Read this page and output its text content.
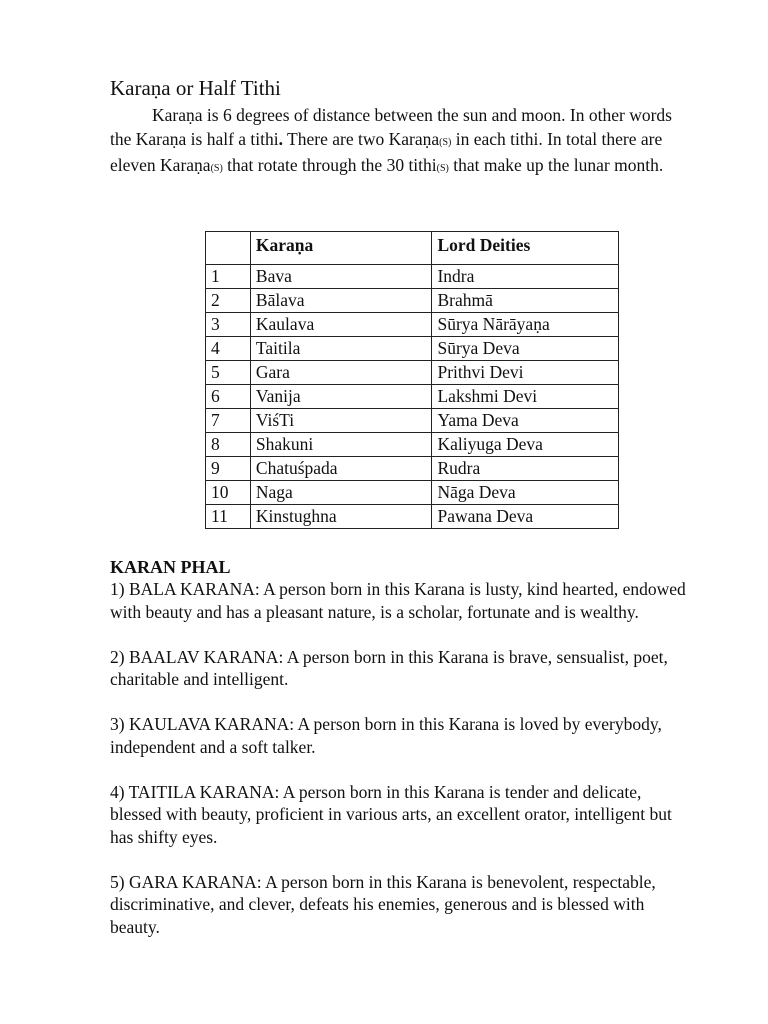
Karaṇa or Half Tithi

Karaṇa is 6 degrees of distance between the sun and moon. In other words the Karaṇa is half a tithi. There are two Karaṇa(S) in each tithi. In total there are eleven Karaṇa(S) that rotate through the 30 tithi(S) that make up the lunar month.

	Karaṇa	Lord Deities
1	Bava	Indra
2	Bālava	Brahmā
3	Kaulava	Sūrya Nārāyaṇa
4	Taitila	Sūrya Deva
5	Gara	Prithvi Devi
6	Vanija	Lakshmi Devi
7	ViśTi	Yama Deva
8	Shakuni	Kaliyuga Deva
9	Chatuśpada	Rudra
10	Naga	Nāga Deva
11	Kinstughna	Pawana Deva
KARAN PHAL

1) BALA KARANA: A person born in this Karana is lusty, kind hearted, endowed with beauty and has a pleasant nature, is a scholar, fortunate and is wealthy.

2) BAALAV KARANA: A person born in this Karana is brave, sensualist, poet, charitable and intelligent.

3) KAULAVA KARANA: A person born in this Karana is loved by everybody, independent and a soft talker.

4) TAITILA KARANA: A person born in this Karana is tender and delicate, blessed with beauty, proficient in various arts, an excellent orator, intelligent but has shifty eyes.

5) GARA KARANA: A person born in this Karana is benevolent, respectable, discriminative, and clever, defeats his enemies, generous and is blessed with beauty.
